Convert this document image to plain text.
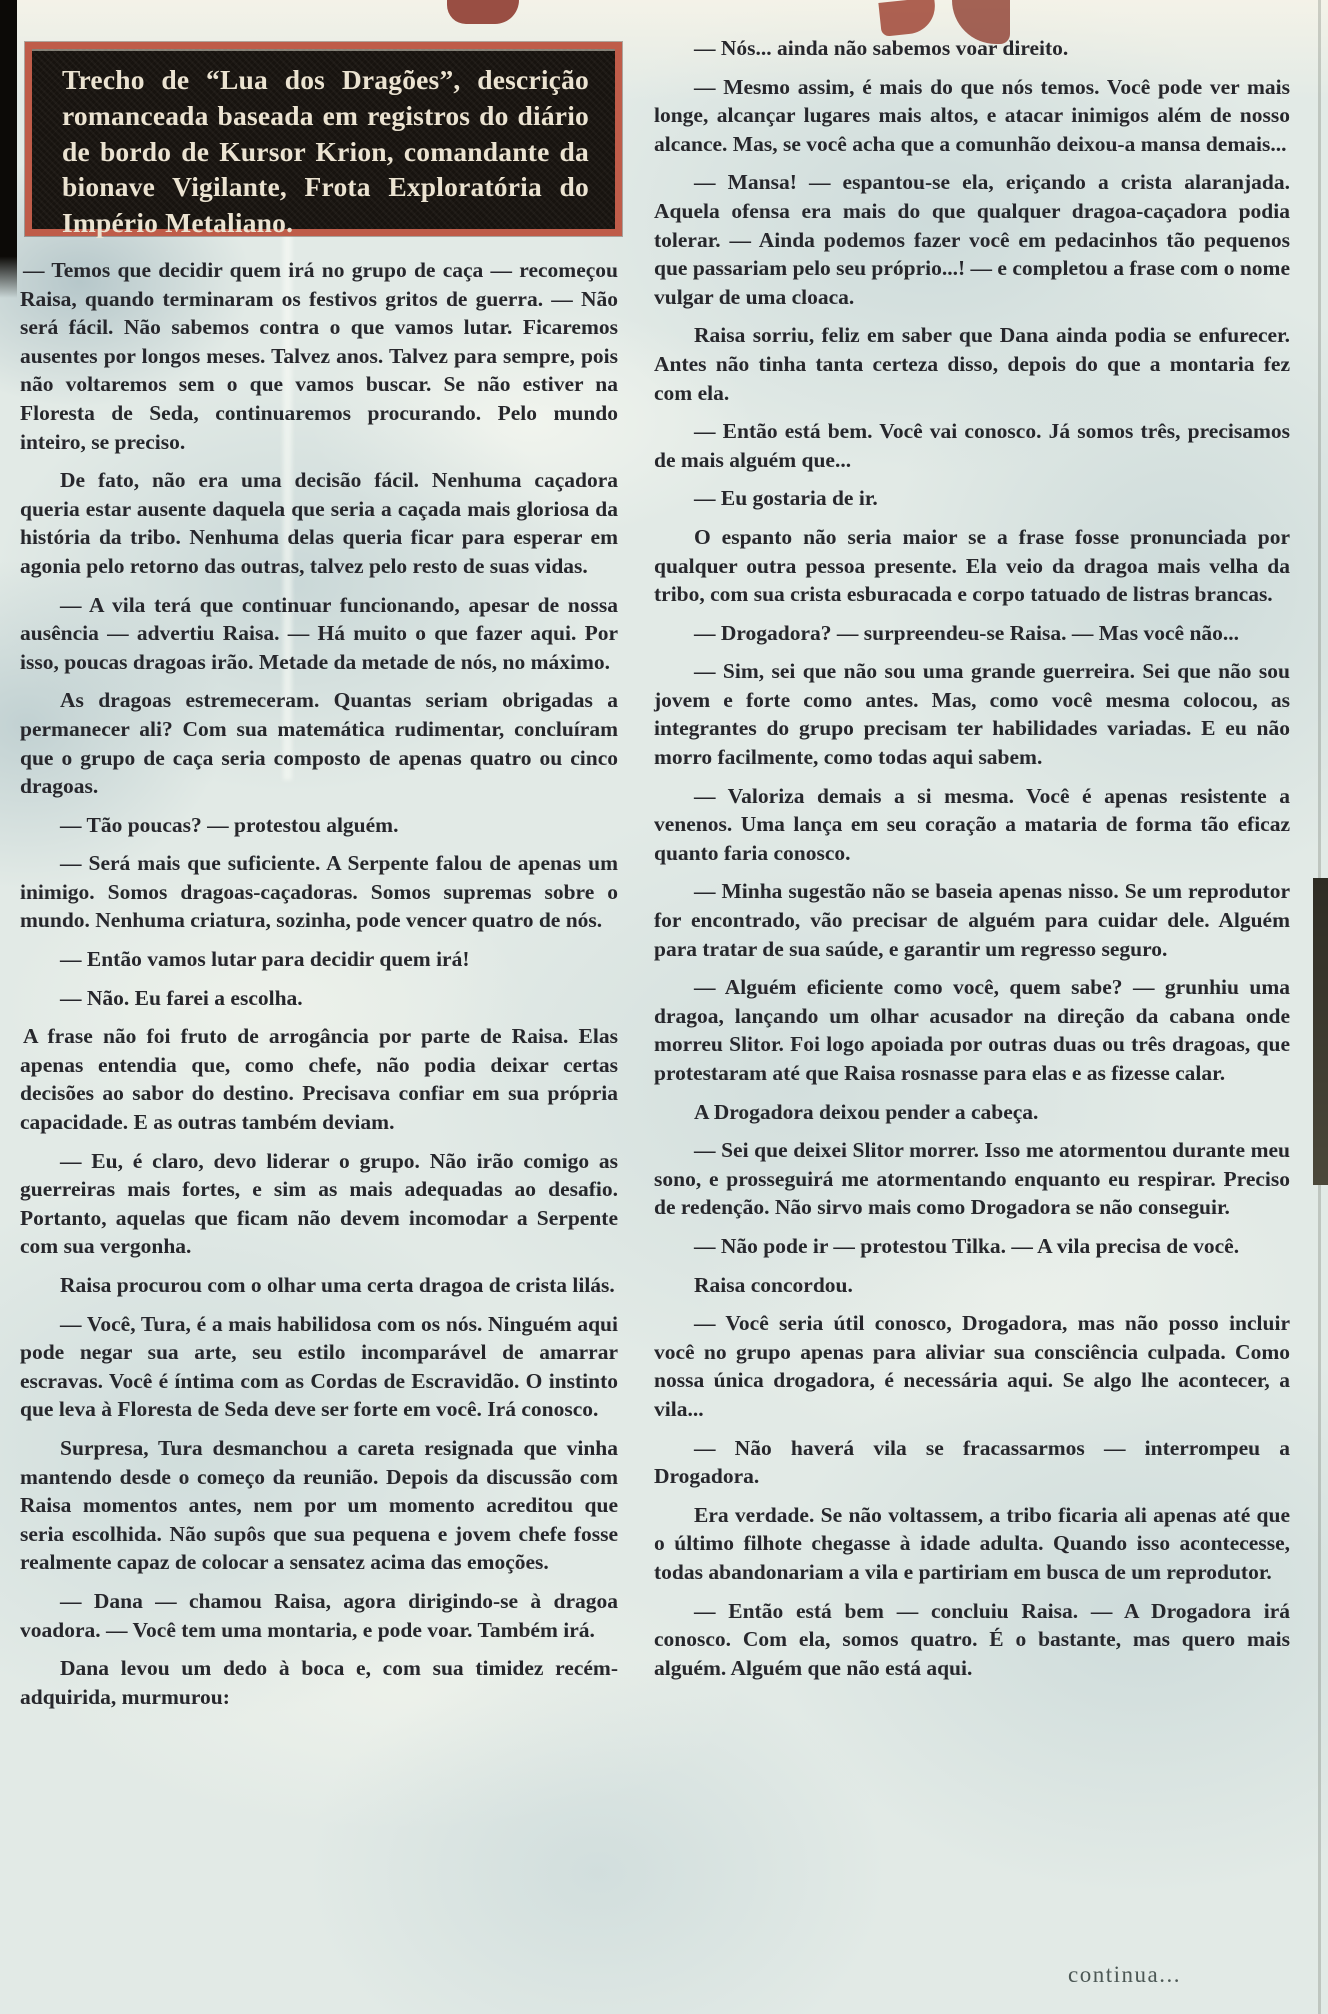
Trecho de “Lua dos Dragões”, descrição romanceada baseada em registros do diário de bordo de Kursor Krion, comandante da bionave Vigilante, Frota Exploratória do Império Metaliano.

— Temos que decidir quem irá no grupo de caça — recomeçou Raisa, quando terminaram os festivos gritos de guerra. — Não será fácil. Não sabemos contra o que vamos lutar. Ficaremos ausentes por longos meses. Talvez anos. Talvez para sempre, pois não voltaremos sem o que vamos buscar. Se não estiver na Floresta de Seda, continuaremos procurando. Pelo mundo inteiro, se preciso.

De fato, não era uma decisão fácil. Nenhuma caçadora queria estar ausente daquela que seria a caçada mais gloriosa da história da tribo. Nenhuma delas queria ficar para esperar em agonia pelo retorno das outras, talvez pelo resto de suas vidas.

— A vila terá que continuar funcionando, apesar de nossa ausência — advertiu Raisa. — Há muito o que fazer aqui. Por isso, poucas dragoas irão. Metade da metade de nós, no máximo.

As dragoas estremeceram. Quantas seriam obrigadas a permanecer ali? Com sua matemática rudimentar, concluíram que o grupo de caça seria composto de apenas quatro ou cinco dragoas.

— Tão poucas? — protestou alguém.

— Será mais que suficiente. A Serpente falou de apenas um inimigo. Somos dragoas-caçadoras. Somos supremas sobre o mundo. Nenhuma criatura, sozinha, pode vencer quatro de nós.

— Então vamos lutar para decidir quem irá!

— Não. Eu farei a escolha.

A frase não foi fruto de arrogância por parte de Raisa. Elas apenas entendia que, como chefe, não podia deixar certas decisões ao sabor do destino. Precisava confiar em sua própria capacidade. E as outras também deviam.

— Eu, é claro, devo liderar o grupo. Não irão comigo as guerreiras mais fortes, e sim as mais adequadas ao desafio. Portanto, aquelas que ficam não devem incomodar a Serpente com sua vergonha.

Raisa procurou com o olhar uma certa dragoa de crista lilás.

— Você, Tura, é a mais habilidosa com os nós. Ninguém aqui pode negar sua arte, seu estilo incomparável de amarrar escravas. Você é íntima com as Cordas de Escravidão. O instinto que leva à Floresta de Seda deve ser forte em você. Irá conosco.

Surpresa, Tura desmanchou a careta resignada que vinha mantendo desde o começo da reunião. Depois da discussão com Raisa momentos antes, nem por um momento acreditou que seria escolhida. Não supôs que sua pequena e jovem chefe fosse realmente capaz de colocar a sensatez acima das emoções.

— Dana — chamou Raisa, agora dirigindo-se à dragoa voadora. — Você tem uma montaria, e pode voar. Também irá.

Dana levou um dedo à boca e, com sua timidez recém-adquirida, murmurou:

— Nós... ainda não sabemos voar direito.

— Mesmo assim, é mais do que nós temos. Você pode ver mais longe, alcançar lugares mais altos, e atacar inimigos além de nosso alcance. Mas, se você acha que a comunhão deixou-a mansa demais...

— Mansa! — espantou-se ela, eriçando a crista alaranjada. Aquela ofensa era mais do que qualquer dragoa-caçadora podia tolerar. — Ainda podemos fazer você em pedacinhos tão pequenos que passariam pelo seu próprio...! — e completou a frase com o nome vulgar de uma cloaca.

Raisa sorriu, feliz em saber que Dana ainda podia se enfurecer. Antes não tinha tanta certeza disso, depois do que a montaria fez com ela.

— Então está bem. Você vai conosco. Já somos três, precisamos de mais alguém que...

— Eu gostaria de ir.

O espanto não seria maior se a frase fosse pronunciada por qualquer outra pessoa presente. Ela veio da dragoa mais velha da tribo, com sua crista esburacada e corpo tatuado de listras brancas.

— Drogadora? — surpreendeu-se Raisa. — Mas você não...

— Sim, sei que não sou uma grande guerreira. Sei que não sou jovem e forte como antes. Mas, como você mesma colocou, as integrantes do grupo precisam ter habilidades variadas. E eu não morro facilmente, como todas aqui sabem.

— Valoriza demais a si mesma. Você é apenas resistente a venenos. Uma lança em seu coração a mataria de forma tão eficaz quanto faria conosco.

— Minha sugestão não se baseia apenas nisso. Se um reprodutor for encontrado, vão precisar de alguém para cuidar dele. Alguém para tratar de sua saúde, e garantir um regresso seguro.

— Alguém eficiente como você, quem sabe? — grunhiu uma dragoa, lançando um olhar acusador na direção da cabana onde morreu Slitor. Foi logo apoiada por outras duas ou três dragoas, que protestaram até que Raisa rosnasse para elas e as fizesse calar.

A Drogadora deixou pender a cabeça.

— Sei que deixei Slitor morrer. Isso me atormentou durante meu sono, e prosseguirá me atormentando enquanto eu respirar. Preciso de redenção. Não sirvo mais como Drogadora se não conseguir.

— Não pode ir — protestou Tilka. — A vila precisa de você.

Raisa concordou.

— Você seria útil conosco, Drogadora, mas não posso incluir você no grupo apenas para aliviar sua consciência culpada. Como nossa única drogadora, é necessária aqui. Se algo lhe acontecer, a vila...

— Não haverá vila se fracassarmos — interrompeu a Drogadora.

Era verdade. Se não voltassem, a tribo ficaria ali apenas até que o último filhote chegasse à idade adulta. Quando isso acontecesse, todas abandonariam a vila e partiriam em busca de um reprodutor.

— Então está bem — concluiu Raisa. — A Drogadora irá conosco. Com ela, somos quatro. É o bastante, mas quero mais alguém. Alguém que não está aqui.

continua...
